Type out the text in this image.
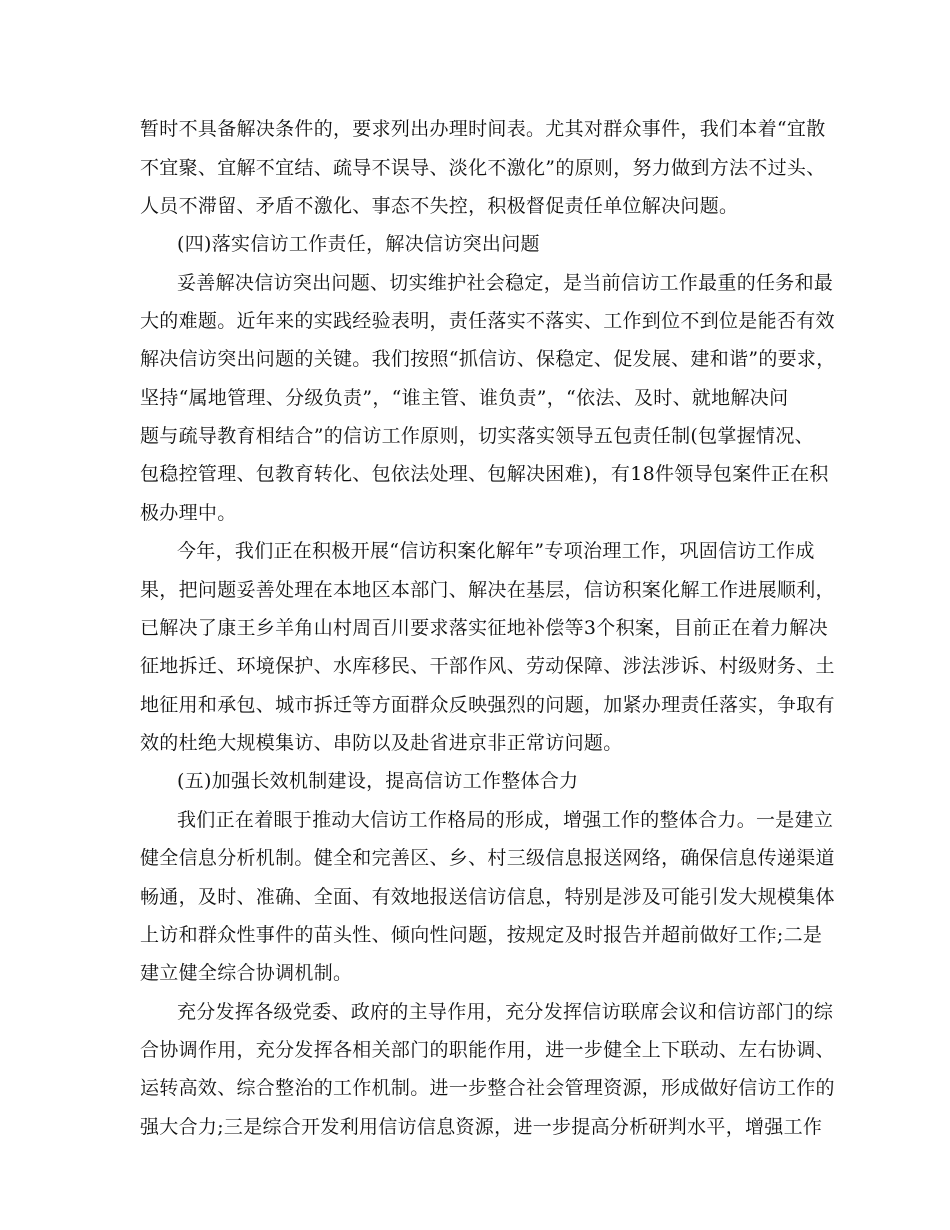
暂时不具备解决条件的，要求列出办理时间表。尤其对群众事件，我们本着“宜散
不宜聚、宜解不宜结、疏导不误导、淡化不激化”的原则，努力做到方法不过头、
人员不滞留、矛盾不激化、事态不失控，积极督促责任单位解决问题。
(四)落实信访工作责任，解决信访突出问题
妥善解决信访突出问题、切实维护社会稳定，是当前信访工作最重的任务和最
大的难题。近年来的实践经验表明，责任落实不落实、工作到位不到位是能否有效
解决信访突出问题的关键。我们按照“抓信访、保稳定、促发展、建和谐”的要求，
坚持“属地管理、分级负责”，“谁主管、谁负责”，“依法、及时、就地解决问
题与疏导教育相结合”的信访工作原则，切实落实领导五包责任制(包掌握情况、
包稳控管理、包教育转化、包依法处理、包解决困难)，有18件领导包案件正在积
极办理中。
今年，我们正在积极开展“信访积案化解年”专项治理工作，巩固信访工作成
果，把问题妥善处理在本地区本部门、解决在基层，信访积案化解工作进展顺利，
已解决了康王乡羊角山村周百川要求落实征地补偿等3个积案，目前正在着力解决
征地拆迁、环境保护、水库移民、干部作风、劳动保障、涉法涉诉、村级财务、土
地征用和承包、城市拆迁等方面群众反映强烈的问题，加紧办理责任落实，争取有
效的杜绝大规模集访、串防以及赴省进京非正常访问题。
(五)加强长效机制建设，提高信访工作整体合力
我们正在着眼于推动大信访工作格局的形成，增强工作的整体合力。一是建立
健全信息分析机制。健全和完善区、乡、村三级信息报送网络，确保信息传递渠道
畅通，及时、准确、全面、有效地报送信访信息，特别是涉及可能引发大规模集体
上访和群众性事件的苗头性、倾向性问题，按规定及时报告并超前做好工作;二是
建立健全综合协调机制。
充分发挥各级党委、政府的主导作用，充分发挥信访联席会议和信访部门的综
合协调作用，充分发挥各相关部门的职能作用，进一步健全上下联动、左右协调、
运转高效、综合整治的工作机制。进一步整合社会管理资源，形成做好信访工作的
强大合力;三是综合开发利用信访信息资源，进一步提高分析研判水平，增强工作
